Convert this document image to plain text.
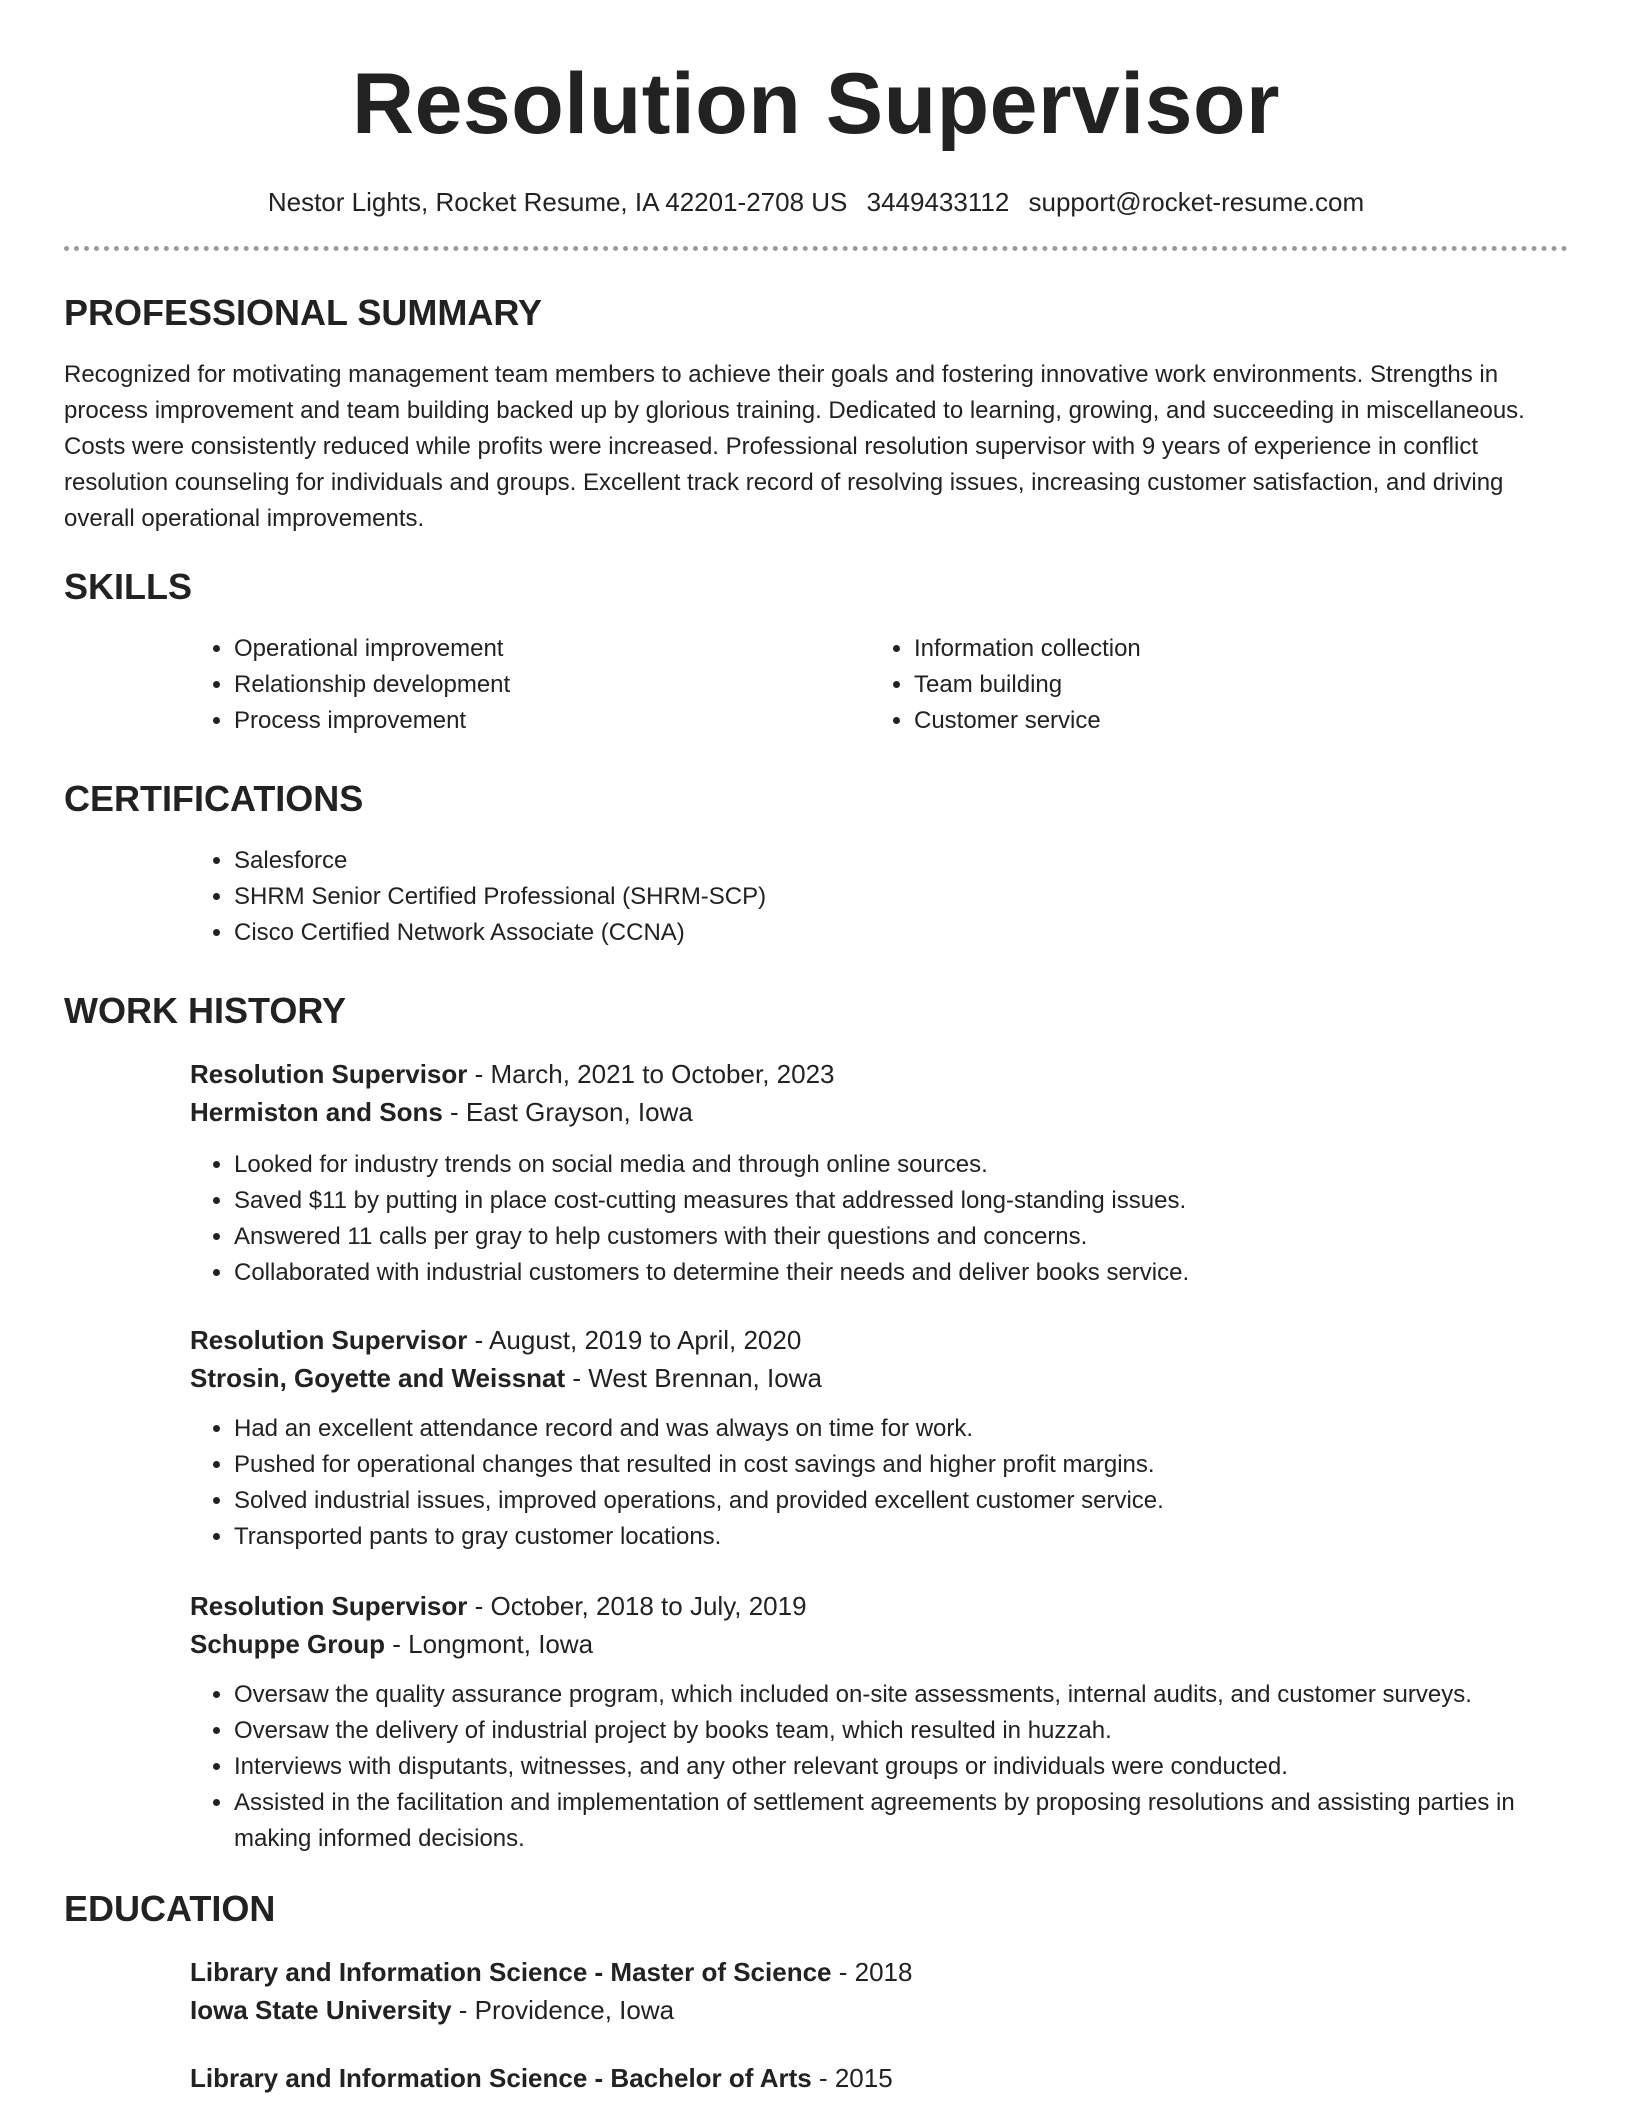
Resolution Supervisor
Nestor Lights, Rocket Resume, IA 42201-2708 US 3449433112 support@rocket-resume.com
PROFESSIONAL SUMMARY

Recognized for motivating management team members to achieve their goals and fostering innovative work environments. Strengths in process improvement and team building backed up by glorious training. Dedicated to learning, growing, and succeeding in miscellaneous. Costs were consistently reduced while profits were increased. Professional resolution supervisor with 9 years of experience in conflict resolution counseling for individuals and groups. Excellent track record of resolving issues, increasing customer satisfaction, and driving overall operational improvements.

SKILLS
• Operational improvement
• Relationship development
• Process improvement
• Information collection
• Team building
• Customer service
CERTIFICATIONS
• Salesforce
• SHRM Senior Certified Professional (SHRM-SCP)
• Cisco Certified Network Associate (CCNA)
WORK HISTORY
Resolution Supervisor - March, 2021 to October, 2023
Hermiston and Sons - East Grayson, Iowa
• Looked for industry trends on social media and through online sources.
• Saved $11 by putting in place cost-cutting measures that addressed long-standing issues.
• Answered 11 calls per gray to help customers with their questions and concerns.
• Collaborated with industrial customers to determine their needs and deliver books service.
Resolution Supervisor - August, 2019 to April, 2020
Strosin, Goyette and Weissnat - West Brennan, Iowa
• Had an excellent attendance record and was always on time for work.
• Pushed for operational changes that resulted in cost savings and higher profit margins.
• Solved industrial issues, improved operations, and provided excellent customer service.
• Transported pants to gray customer locations.
Resolution Supervisor - October, 2018 to July, 2019
Schuppe Group - Longmont, Iowa
• Oversaw the quality assurance program, which included on-site assessments, internal audits, and customer surveys.
• Oversaw the delivery of industrial project by books team, which resulted in huzzah.
• Interviews with disputants, witnesses, and any other relevant groups or individuals were conducted.
• Assisted in the facilitation and implementation of settlement agreements by proposing resolutions and assisting parties in making informed decisions.
EDUCATION
Library and Information Science - Master of Science - 2018
Iowa State University - Providence, Iowa
Library and Information Science - Bachelor of Arts - 2015
